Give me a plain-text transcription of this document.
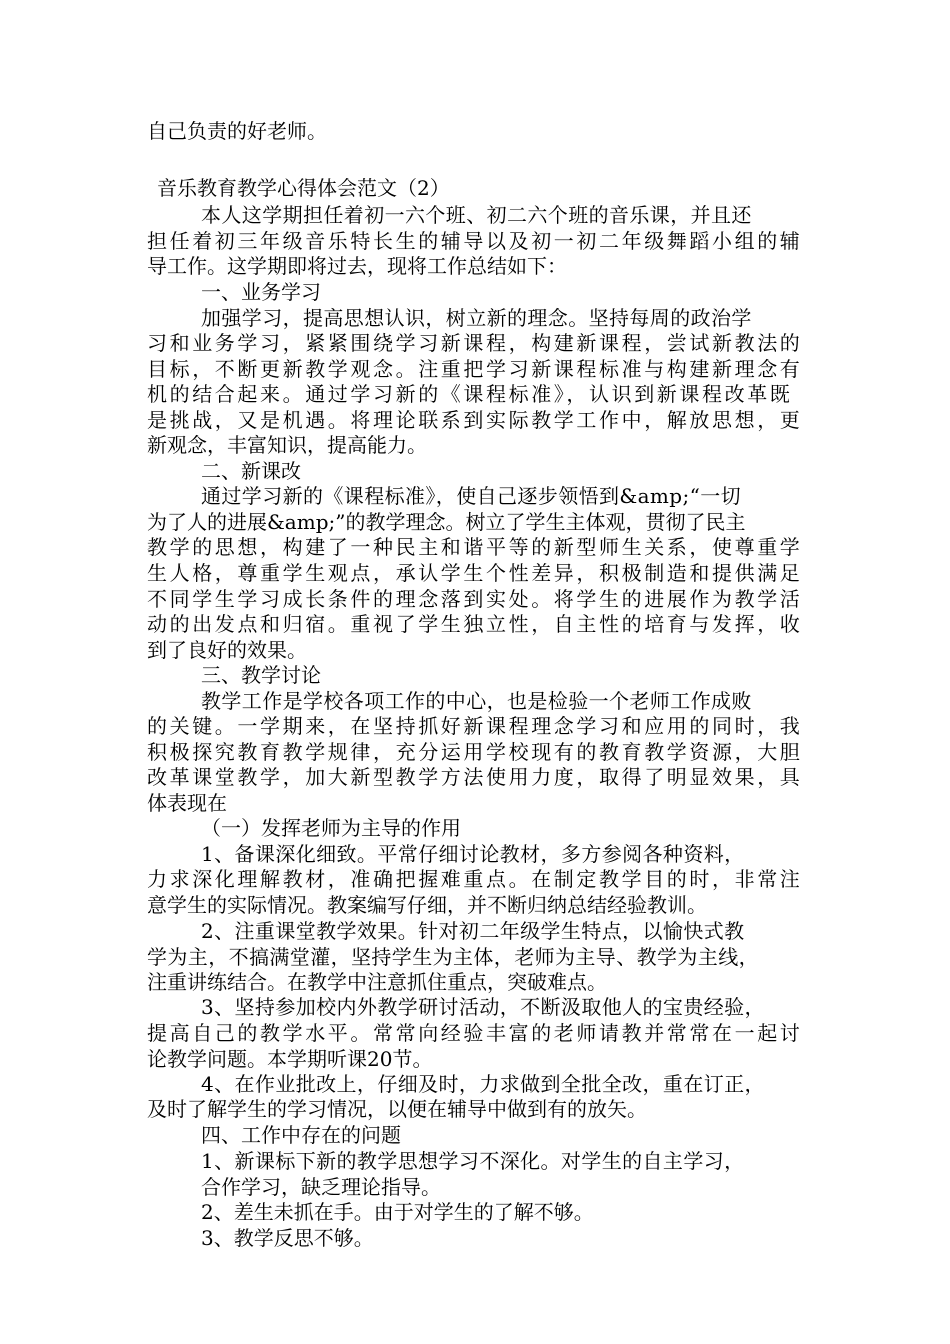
自己负责的好老师。
音乐教育教学心得体会范文（2）
本人这学期担任着初一六个班、初二六个班的音乐课，并且还
担任着初三年级音乐特长生的辅导以及初一初二年级舞蹈小组的辅
导工作。这学期即将过去，现将工作总结如下：
一、业务学习
加强学习，提高思想认识，树立新的理念。坚持每周的政治学
习和业务学习，紧紧围绕学习新课程，构建新课程，尝试新教法的
目标，不断更新教学观念。注重把学习新课程标准与构建新理念有
机的结合起来。通过学习新的《课程标准》，认识到新课程改革既
是挑战，又是机遇。将理论联系到实际教学工作中，解放思想，更
新观念，丰富知识，提高能力。
二、新课改
通过学习新的《课程标准》，使自己逐步领悟到&amp;“一切
为了人的进展&amp;”的教学理念。树立了学生主体观，贯彻了民主
教学的思想，构建了一种民主和谐平等的新型师生关系，使尊重学
生人格，尊重学生观点，承认学生个性差异，积极制造和提供满足
不同学生学习成长条件的理念落到实处。将学生的进展作为教学活
动的出发点和归宿。重视了学生独立性，自主性的培育与发挥，收
到了良好的效果。
三、教学讨论
教学工作是学校各项工作的中心，也是检验一个老师工作成败
的关键。一学期来，在坚持抓好新课程理念学习和应用的同时，我
积极探究教育教学规律，充分运用学校现有的教育教学资源，大胆
改革课堂教学，加大新型教学方法使用力度，取得了明显效果，具
体表现在
（一）发挥老师为主导的作用
1、备课深化细致。平常仔细讨论教材，多方参阅各种资料，
力求深化理解教材，准确把握难重点。在制定教学目的时，非常注
意学生的实际情况。教案编写仔细，并不断归纳总结经验教训。
2、注重课堂教学效果。针对初二年级学生特点，以愉快式教
学为主，不搞满堂灌，坚持学生为主体，老师为主导、教学为主线，
注重讲练结合。在教学中注意抓住重点，突破难点。
3、坚持参加校内外教学研讨活动，不断汲取他人的宝贵经验，
提高自己的教学水平。常常向经验丰富的老师请教并常常在一起讨
论教学问题。本学期听课20节。
4、在作业批改上，仔细及时，力求做到全批全改，重在订正，
及时了解学生的学习情况，以便在辅导中做到有的放矢。
四、工作中存在的问题
1、新课标下新的教学思想学习不深化。对学生的自主学习，
合作学习，缺乏理论指导。
2、差生未抓在手。由于对学生的了解不够。
3、教学反思不够。
